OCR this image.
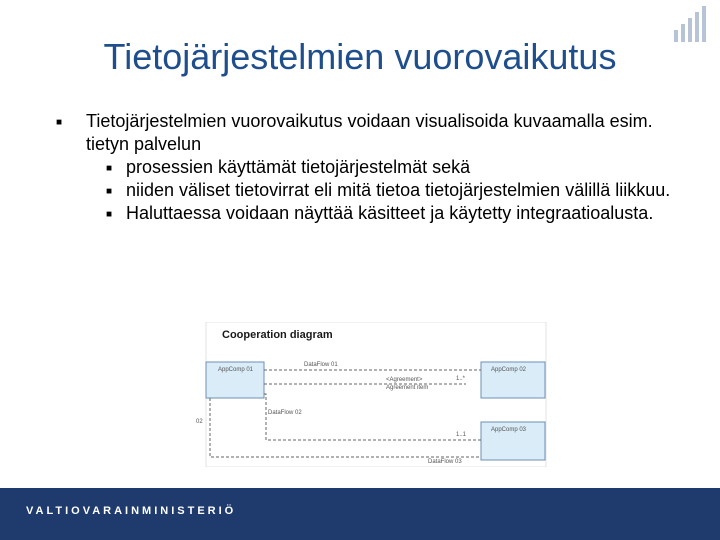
Tietojärjestelmien vuorovaikutus
■ Tietojärjestelmien vuorovaikutus voidaan visualisoida kuvaamalla esim. tietyn palvelun
■ prosessien käyttämät tietojärjestelmät sekä
■ niiden väliset tietovirrat eli mitä tietoa tietojärjestelmien välillä liikkuu.
■ Haluttaessa voidaan näyttää käsitteet ja käytetty integraatioalusta.
Cooperation diagram
AppComp 01	AppComp 02
AppComp 03
DataFlow 01
<Agreement>
Agreement item
1..*
DataFlow 02
1..1
DataFlow 03
02
VALTIOVARAINMINISTERIÖ
